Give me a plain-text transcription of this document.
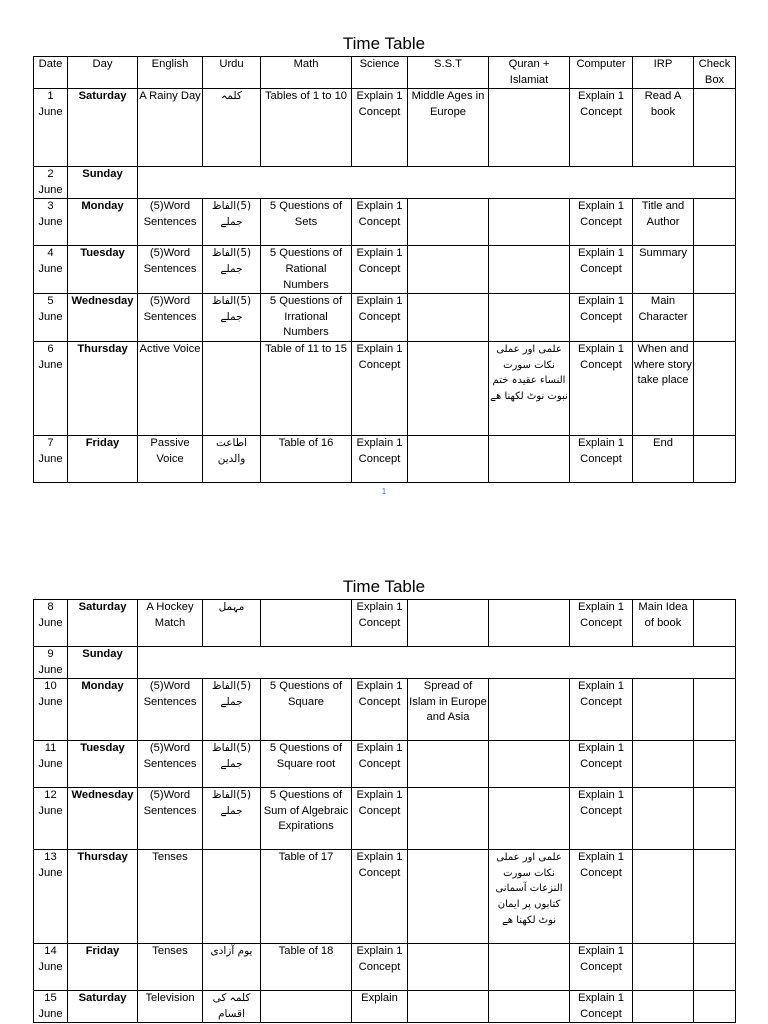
Time Table
Date	Day	English	Urdu	Math	Science	S.S.T	Quran + Islamiat	Computer	IRP	Check Box
1 June	Saturday	A Rainy Day	کلمہ	Tables of 1 to 10	Explain 1 Concept	Middle Ages in Europe		Explain 1 Concept	Read A book	
2 June	Sunday									
3 June	Monday	(5)Word Sentences	(5)الفاظ جملے	5 Questions of Sets	Explain 1 Concept			Explain 1 Concept	Title and Author	
4 June	Tuesday	(5)Word Sentences	(5)الفاظ جملے	5 Questions of Rational Numbers	Explain 1 Concept			Explain 1 Concept	Summary	
5 June	Wednesday	(5)Word Sentences	(5)الفاظ جملے	5 Questions of Irrational Numbers	Explain 1 Concept			Explain 1 Concept	Main Character	
6 June	Thursday	Active Voice		Table of 11 to 15	Explain 1 Concept		علمی اور عملی نکات سورت النساء عقیدہ ختم نبوت نوٹ لکھنا ھے	Explain 1 Concept	When and where story take place	
7 June	Friday	Passive Voice	اطاعت والدین	Table of 16	Explain 1 Concept			Explain 1 Concept	End	
1
Time Table
8 June	Saturday	A Hockey Match	مہمل		Explain 1 Concept			Explain 1 Concept	Main Idea of book	
9 June	Sunday									
10 June	Monday	(5)Word Sentences	(5)الفاظ جملے	5 Questions of Square	Explain 1 Concept	Spread of Islam in Europe and Asia		Explain 1 Concept		
11 June	Tuesday	(5)Word Sentences	(5)الفاظ جملے	5 Questions of Square root	Explain 1 Concept			Explain 1 Concept		
12 June	Wednesday	(5)Word Sentences	(5)الفاظ جملے	5 Questions of Sum of Algebraic Expirations	Explain 1 Concept			Explain 1 Concept		
13 June	Thursday	Tenses		Table of 17	Explain 1 Concept		علمی اور عملی نکات سورت النزعات آسمانی کتابوں پر ایمان نوٹ لکھنا ھے	Explain 1 Concept		
14 June	Friday	Tenses	یوم آزادی	Table of 18	Explain 1 Concept			Explain 1 Concept		
15 June	Saturday	Television	کلمہ کی اقسام		Explain			Explain 1 Concept		
